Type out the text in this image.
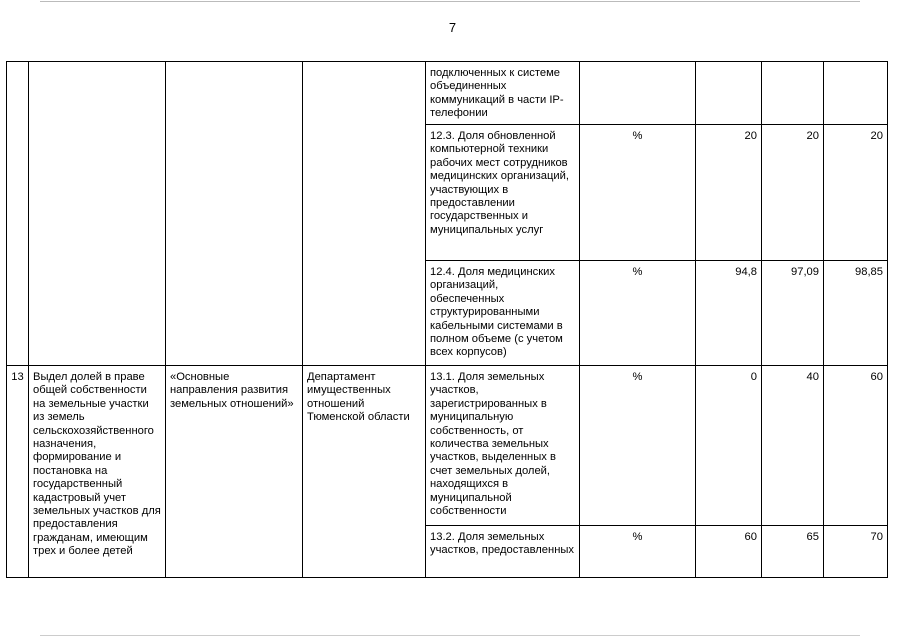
7
				подключенных к системе объединенных коммуникаций в части IP-телефонии				
				12.3. Доля обновленной компьютерной техники рабочих мест сотрудников медицинских организаций, участвующих в предоставлении государственных и муниципальных услуг	%	20	20	20
				12.4. Доля медицинских организаций, обеспеченных структурированными кабельными системами в полном объеме (с учетом всех корпусов)	%	94,8	97,09	98,85
13	Выдел долей в праве общей собственности на земельные участки из земель сельскохозяйственного назначения, формирование и постановка на государственный кадастровый учет земельных участков для предоставления гражданам, имеющим трех и более детей	«Основные направления развития земельных отношений»	Департамент имущественных отношений Тюменской области	13.1. Доля земельных участков, зарегистрированных в муниципальную собственность, от количества земельных участков, выделенных в счет земельных долей, находящихся в муниципальной собственности	%	0	40	60
				13.2. Доля земельных участков, предоставленных	%	60	65	70
